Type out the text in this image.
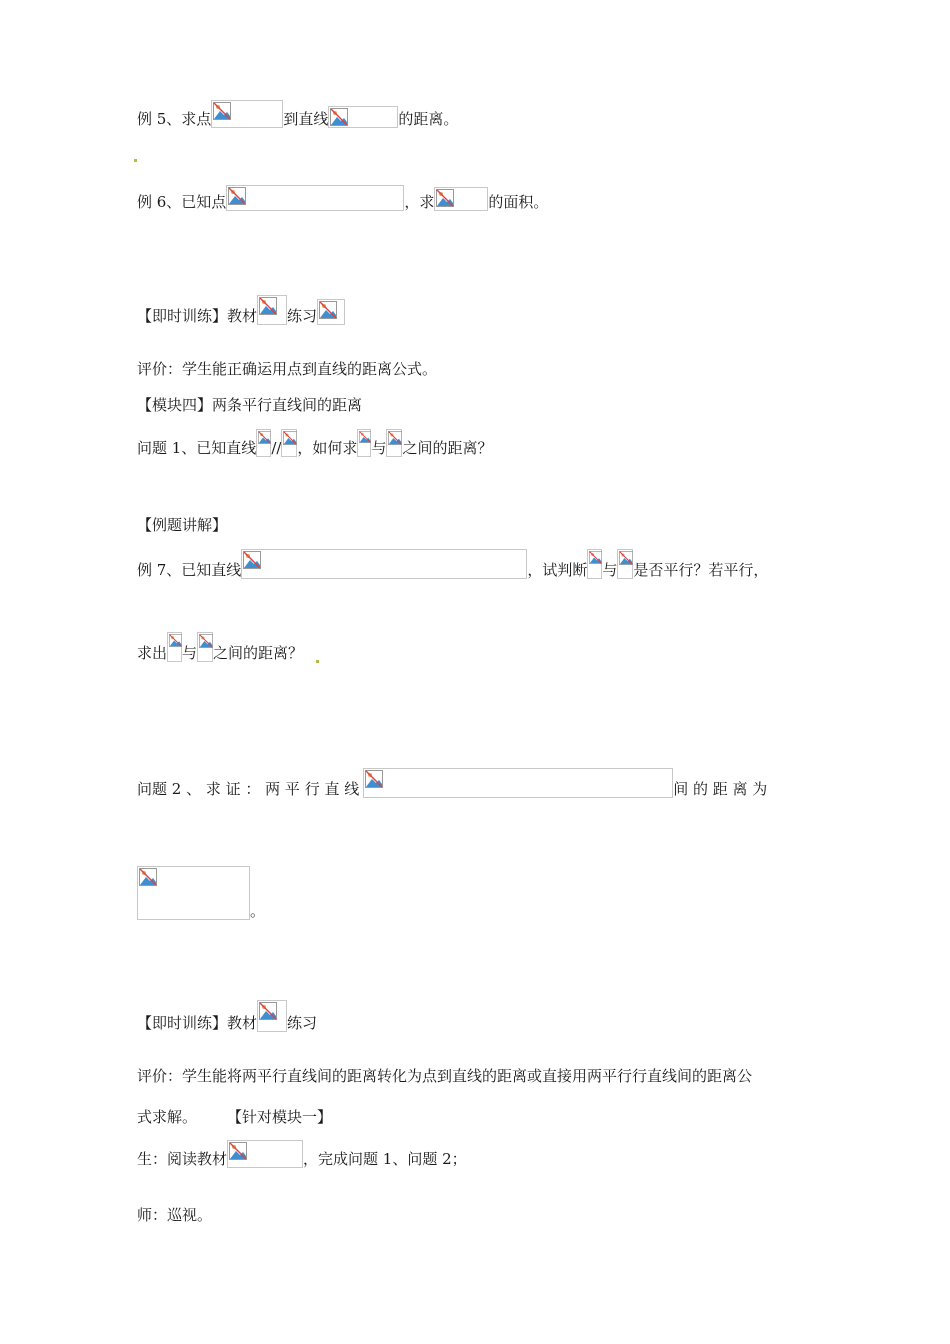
例 5、求点	到直线	的距离。
例 6、已知点	，求	的面积。
【即时训练】教材 练习
评价：学生能正确运用点到直线的距离公式。
【模块四】两条平行直线间的距离
问题 1、已知直线 // ，如何求 与 之间的距离？
【例题讲解】
例 7、已知直线	，试判断 与 是否平行？若平行，
求出 与 之间的距离？
问题 2 、 求 证 ： 两 平 行 直 线	间 的 距 离 为
。
【即时训练】教材 练习
评价：学生能将两平行直线间的距离转化为点到直线的距离或直接用两平行行直线间的距离公
式求解。 【针对模块一】
生：阅读教材	，完成问题 1、问题 2；
师：巡视。
